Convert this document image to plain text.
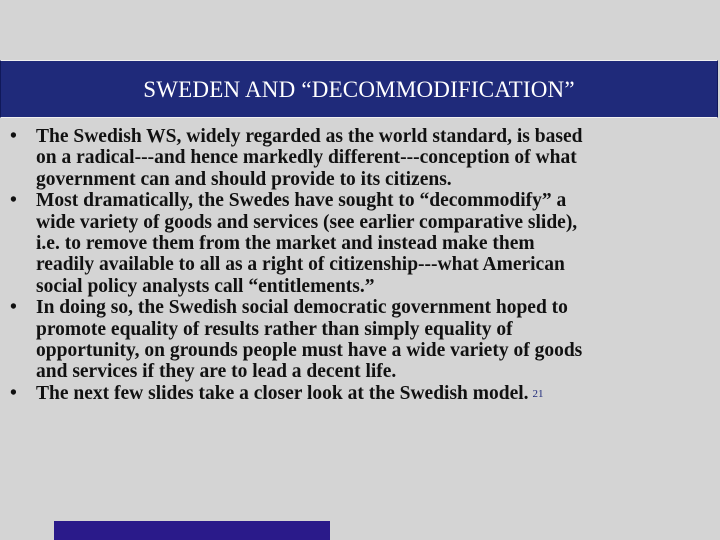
SWEDEN AND “DECOMMODIFICATION”
• The Swedish WS, widely regarded as the world standard, is based
on a radical---and hence markedly different---conception of what
government can and should provide to its citizens.
• Most dramatically, the Swedes have sought to “decommodify” a
wide variety of goods and services (see earlier comparative slide),
i.e. to remove them from the market and instead make them
readily available to all as a right of citizenship---what American
social policy analysts call “entitlements.”
• In doing so, the Swedish social democratic government hoped to
promote equality of results rather than simply equality of
opportunity, on grounds people must have a wide variety of goods
and services if they are to lead a decent life.
• The next few slides take a closer look at the Swedish model. 21
